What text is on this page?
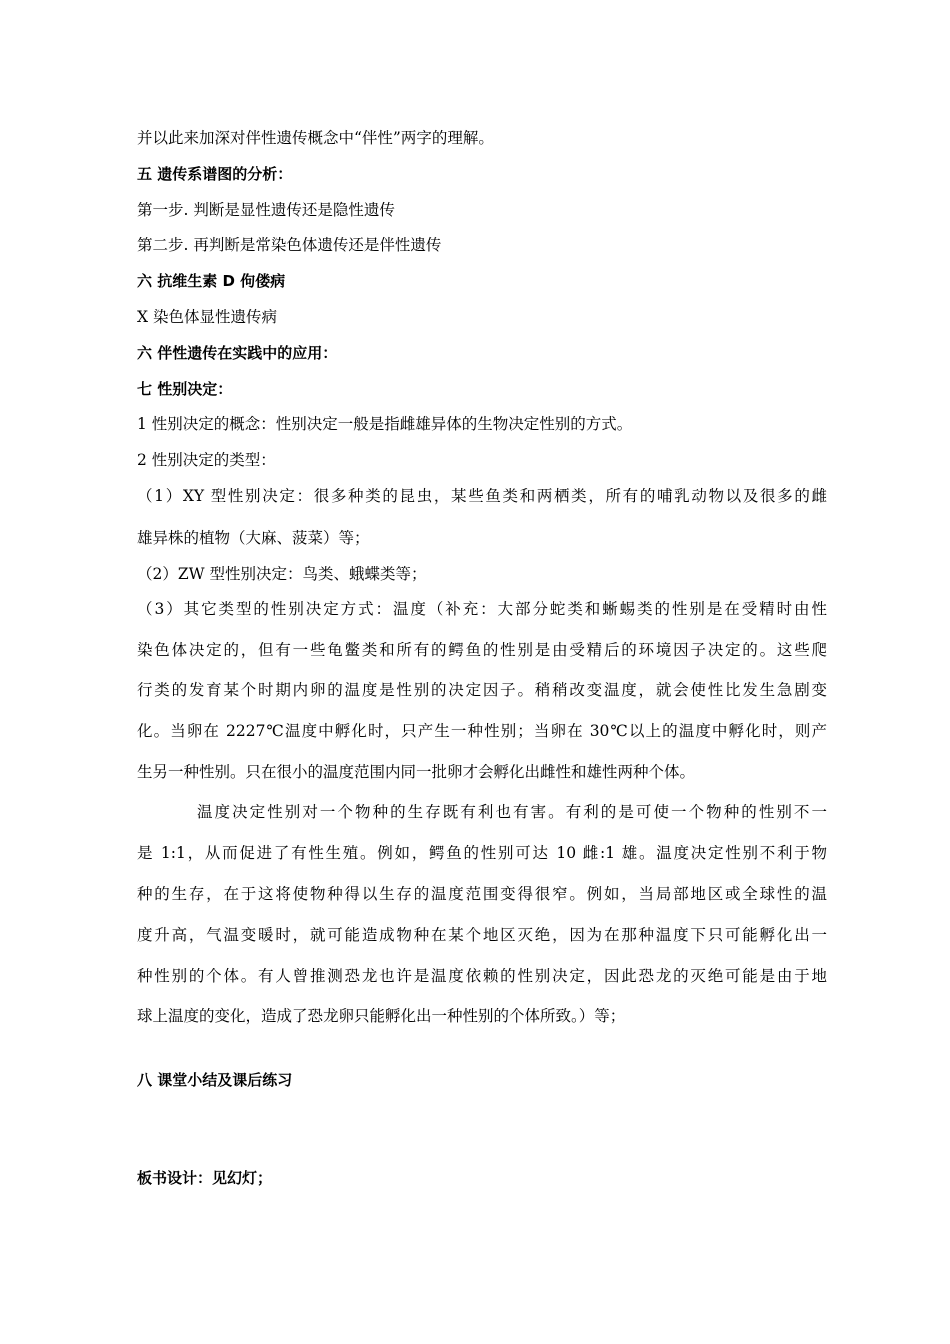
并以此来加深对伴性遗传概念中“伴性”两字的理解。
五 遗传系谱图的分析：
第一步. 判断是显性遗传还是隐性遗传
第二步. 再判断是常染色体遗传还是伴性遗传
六 抗维生素 D 佝偻病
X 染色体显性遗传病
六 伴性遗传在实践中的应用：
七 性别决定：
1 性别决定的概念：性别决定一般是指雌雄异体的生物决定性别的方式。
2 性别决定的类型：
（1）XY 型性别决定：很多种类的昆虫，某些鱼类和两栖类，所有的哺乳动物以及很多的雌
雄异株的植物（大麻、菠菜）等；
（2）ZW 型性别决定：鸟类、蛾蝶类等；
（3）其它类型的性别决定方式：温度（补充：大部分蛇类和蜥蜴类的性别是在受精时由性
染色体决定的，但有一些龟鳖类和所有的鳄鱼的性别是由受精后的环境因子决定的。这些爬
行类的发育某个时期内卵的温度是性别的决定因子。稍稍改变温度，就会使性比发生急剧变
化。当卵在 2227℃温度中孵化时，只产生一种性别；当卵在 30℃以上的温度中孵化时，则产
生另一种性别。只在很小的温度范围内同一批卵才会孵化出雌性和雄性两种个体。
温度决定性别对一个物种的生存既有利也有害。有利的是可使一个物种的性别不一
是 1:1，从而促进了有性生殖。例如，鳄鱼的性别可达 10 雌:1 雄。温度决定性别不利于物
种的生存，在于这将使物种得以生存的温度范围变得很窄。例如，当局部地区或全球性的温
度升高，气温变暖时，就可能造成物种在某个地区灭绝，因为在那种温度下只可能孵化出一
种性别的个体。有人曾推测恐龙也许是温度依赖的性别决定，因此恐龙的灭绝可能是由于地
球上温度的变化，造成了恐龙卵只能孵化出一种性别的个体所致。）等；
八 课堂小结及课后练习
板书设计：见幻灯；
